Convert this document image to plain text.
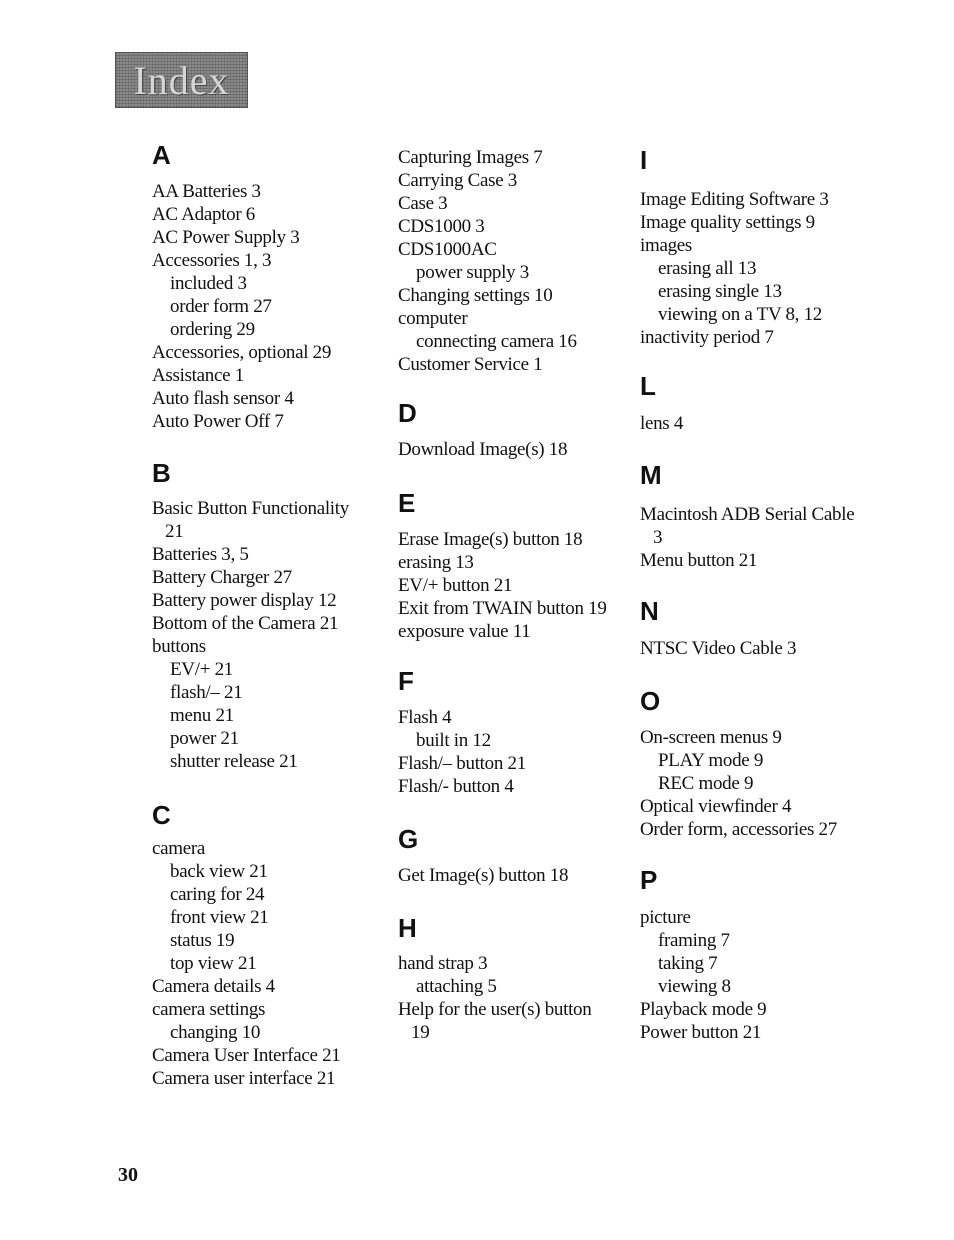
Index
A
AA Batteries 3
AC Adaptor 6
AC Power Supply 3
Accessories 1, 3
included 3
order form 27
ordering 29
Accessories, optional 29
Assistance 1
Auto flash sensor 4
Auto Power Off 7
B
Basic Button Functionality
21
Batteries 3, 5
Battery Charger 27
Battery power display 12
Bottom of the Camera 21
buttons
EV/+ 21
flash/– 21
menu 21
power 21
shutter release 21
C
camera
back view 21
caring for 24
front view 21
status 19
top view 21
Camera details 4
camera settings
changing 10
Camera User Interface 21
Camera user interface 21
Capturing Images 7
Carrying Case 3
Case 3
CDS1000 3
CDS1000AC
power supply 3
Changing settings 10
computer
connecting camera 16
Customer Service 1
D
Download Image(s) 18
E
Erase Image(s) button 18
erasing 13
EV/+ button 21
Exit from TWAIN button 19
exposure value 11
F
Flash 4
built in 12
Flash/– button 21
Flash/- button 4
G
Get Image(s) button 18
H
hand strap 3
attaching 5
Help for the user(s) button
19
I
Image Editing Software 3
Image quality settings 9
images
erasing all 13
erasing single 13
viewing on a TV 8, 12
inactivity period 7
L
lens 4
M
Macintosh ADB Serial Cable
3
Menu button 21
N
NTSC Video Cable 3
O
On-screen menus 9
PLAY mode 9
REC mode 9
Optical viewfinder 4
Order form, accessories 27
P
picture
framing 7
taking 7
viewing 8
Playback mode 9
Power button 21
30
